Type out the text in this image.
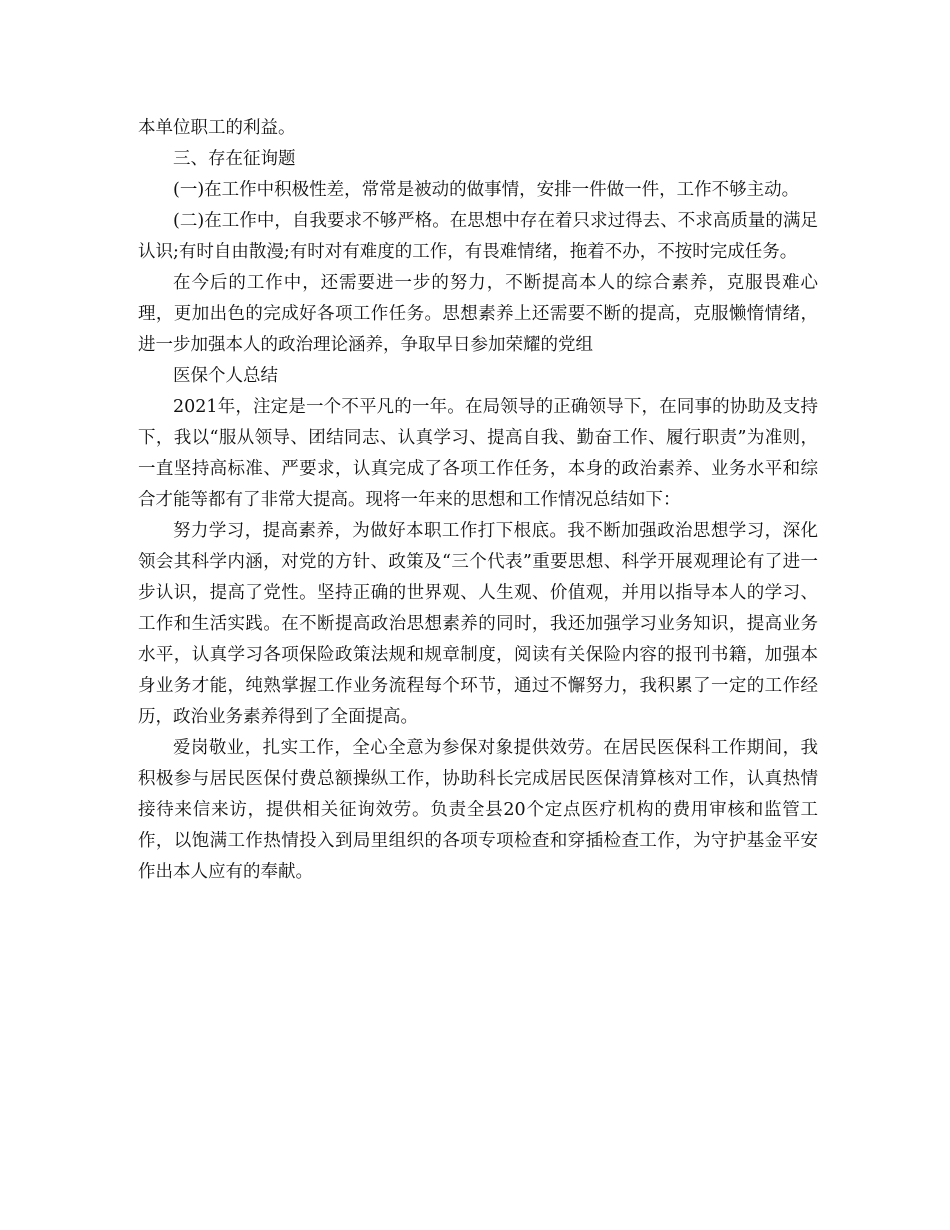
本单位职工的利益。

三、存在征询题

(一)在工作中积极性差，常常是被动的做事情，安排一件做一件，工作不够主动。

(二)在工作中，自我要求不够严格。在思想中存在着只求过得去、不求高质量的满足认识;有时自由散漫;有时对有难度的工作，有畏难情绪，拖着不办，不按时完成任务。

在今后的工作中，还需要进一步的努力，不断提高本人的综合素养，克服畏难心理，更加出色的完成好各项工作任务。思想素养上还需要不断的提高，克服懒惰情绪，进一步加强本人的政治理论涵养，争取早日参加荣耀的党组

医保个人总结

2021年，注定是一个不平凡的一年。在局领导的正确领导下，在同事的协助及支持下，我以“服从领导、团结同志、认真学习、提高自我、勤奋工作、履行职责”为准则，一直坚持高标准、严要求，认真完成了各项工作任务，本身的政治素养、业务水平和综合才能等都有了非常大提高。现将一年来的思想和工作情况总结如下：

努力学习，提高素养，为做好本职工作打下根底。我不断加强政治思想学习，深化领会其科学内涵，对党的方针、政策及“三个代表”重要思想、科学开展观理论有了进一步认识，提高了党性。坚持正确的世界观、人生观、价值观，并用以指导本人的学习、工作和生活实践。在不断提高政治思想素养的同时，我还加强学习业务知识，提高业务水平，认真学习各项保险政策法规和规章制度，阅读有关保险内容的报刊书籍，加强本身业务才能，纯熟掌握工作业务流程每个环节，通过不懈努力，我积累了一定的工作经历，政治业务素养得到了全面提高。

爱岗敬业，扎实工作，全心全意为参保对象提供效劳。在居民医保科工作期间，我积极参与居民医保付费总额操纵工作，协助科长完成居民医保清算核对工作，认真热情接待来信来访，提供相关征询效劳。负责全县20个定点医疗机构的费用审核和监管工作，以饱满工作热情投入到局里组织的各项专项检查和穿插检查工作，为守护基金平安作出本人应有的奉献。
